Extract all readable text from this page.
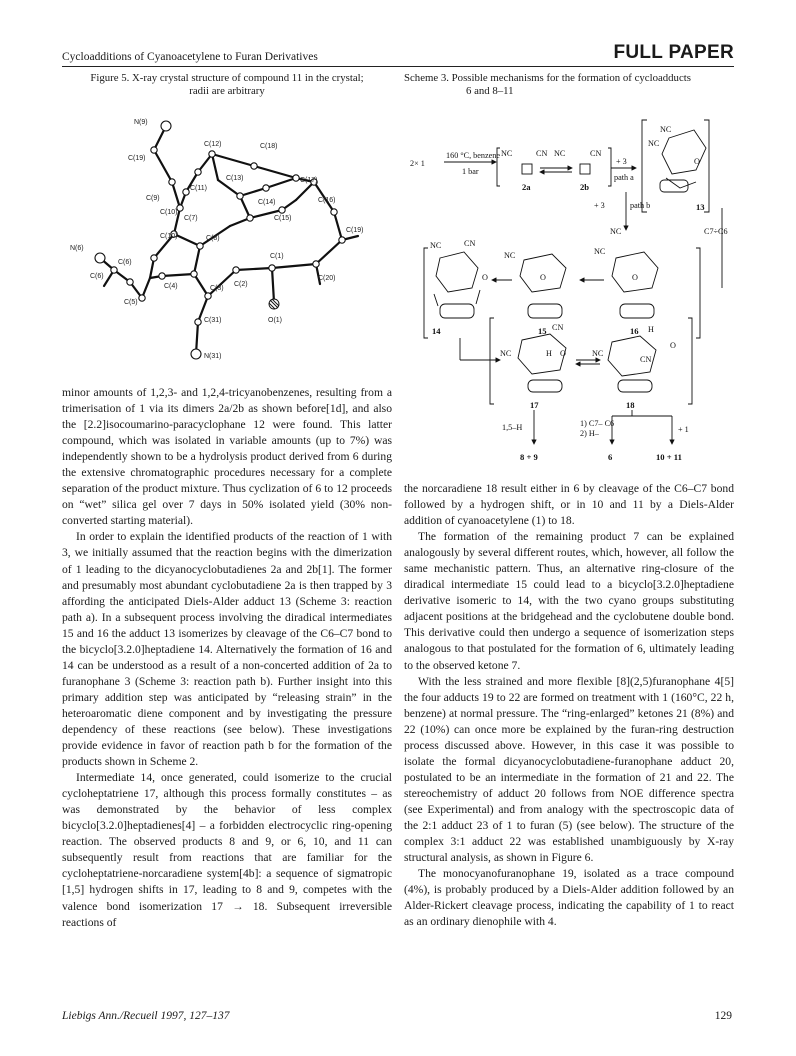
Cycloadditions of Cyanoacetylene to Furan Derivatives	FULL PAPER
Figure 5. X-ray crystal structure of compound 11 in the crystal;
radii are arbitrary
N(9)
C(19)
C(12)	C(18)
C(13)
C(11)
C(17)
C(9)
C(10)
C(16)
C(7)
C(14)
C(15)
N(6)
C(6)
C(10)	C(8)
C(19)
C(6)
C(2)
C(1)
C(20)
C(5)
C(4)	C(3)
O(1)
C(31)
N(31)
Scheme 3. Possible mechanisms for the formation of cycloadducts
6 and 8–11
160 °C, benzene
1 bar
2× 1
NC	CN NC	CN
2a	2b
+ 3
path a
+ 3	path b
NC
NC
O
13
C7÷C6
NC	CN
O
NC
O
NC
NC
O
14	15	16
NC
CN
H O	NC
H
O
CN
17	18
1,5–H	1) C7– C6
2) H–	+ 1
8 + 9	6	10 + 11

minor amounts of 1,2,3- and 1,2,4-tricyanobenzenes, resulting from a trimerisation of 1 via its dimers 2a/2b as shown before[1d], and also the [2.2]isocoumarino-paracyclophane 12 were found. This latter compound, which was isolated in variable amounts (up to 7%) was independently shown to be a hydrolysis product derived from 6 during the extensive chromatographic procedures necessary for a complete separation of the product mixture. Thus cyclization of 6 to 12 proceeds on “wet” silica gel over 7 days in 50% isolated yield (30% non-converted starting material).

In order to explain the identified products of the reaction of 1 with 3, we initially assumed that the reaction begins with the dimerization of 1 leading to the dicyanocyclobutadienes 2a and 2b[1]. The former and presumably most abundant cyclobutadiene 2a is then trapped by 3 affording the anticipated Diels-Alder adduct 13 (Scheme 3: reaction path a). In a subsequent process involving the diradical intermediates 15 and 16 the adduct 13 isomerizes by cleavage of the C6–C7 bond to the bicyclo[3.2.0]heptadiene 14. Alternatively the formation of 16 and 14 can be understood as a result of a non-concerted addition of 2a to furanophane 3 (Scheme 3: reaction path b). Further insight into this primary addition step was anticipated by “releasing strain” in the heteroaromatic diene component and by investigating the pressure dependency of these reactions (see below). These investigations provide evidence in favor of reaction path b for the formation of the products shown in Scheme 2.

Intermediate 14, once generated, could isomerize to the crucial cycloheptatriene 17, although this process formally constitutes – as was demonstrated by the behavior of less complex bicyclo[3.2.0]heptadienes[4] – a forbidden electrocyclic ring-opening reaction. The observed products 8 and 9, or 6, 10, and 11 can subsequently result from reactions that are familiar for the cycloheptatriene-norcaradiene system[4b]: a sequence of sigmatropic [1,5] hydrogen shifts in 17, leading to 8 and 9, competes with the valence bond isomerization 17 → 18. Subsequent irreversible reactions of

the norcaradiene 18 result either in 6 by cleavage of the C6–C7 bond followed by a hydrogen shift, or in 10 and 11 by a Diels-Alder addition of cyanoacetylene (1) to 18.

The formation of the remaining product 7 can be explained analogously by several different routes, which, however, all follow the same mechanistic pattern. Thus, an alternative ring-closure of the diradical intermediate 15 could lead to a bicyclo[3.2.0]heptadiene derivative isomeric to 14, with the two cyano groups substituting adjacent positions at the bridgehead and the cyclobutene double bond. This derivative could then undergo a sequence of isomerization steps analogous to that postulated for the formation of 6, ultimately leading to the observed ketone 7.

With the less strained and more flexible [8](2,5)furanophane 4[5] the four adducts 19 to 22 are formed on treatment with 1 (160°C, 22 h, benzene) at normal pressure. The “ring-enlarged” ketones 21 (8%) and 22 (10%) can once more be explained by the furan-ring destruction process discussed above. However, in this case it was possible to isolate the formal dicyanocyclobutadiene-furanophane adduct 20, postulated to be an intermediate in the formation of 21 and 22. The stereochemistry of adduct 20 follows from NOE difference spectra (see Experimental) and from analogy with the spectroscopic data of the 2:1 adduct 23 of 1 to furan (5) (see below). The structure of the complex 3:1 adduct 22 was established unambiguously by X-ray structural analysis, as shown in Figure 6.

The monocyanofuranophane 19, isolated as a trace compound (4%), is probably produced by a Diels-Alder addition followed by an Alder-Rickert cleavage process, indicating the capability of 1 to react as an ordinary dienophile with 4.

Liebigs Ann./Recueil 1997, 127–137	129
